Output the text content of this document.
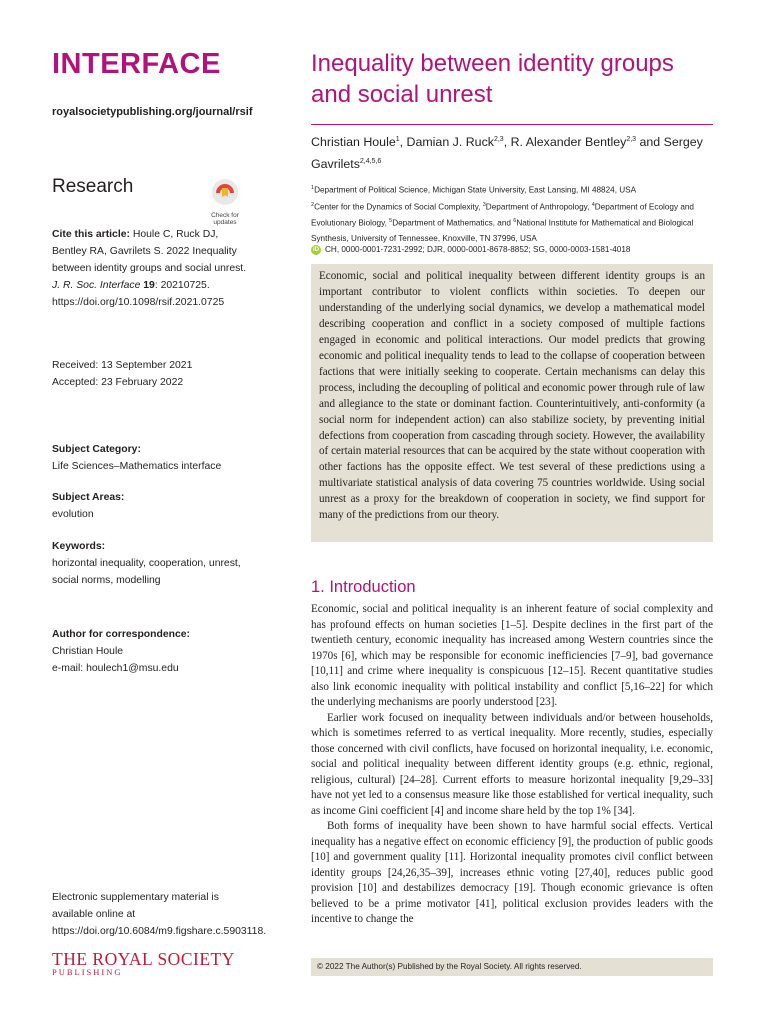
INTERFACE
royalsocietypublishing.org/journal/rsif
Research
Check for updates
Cite this article: Houle C, Ruck DJ, Bentley RA, Gavrilets S. 2022 Inequality between identity groups and social unrest. J. R. Soc. Interface 19: 20210725. https://doi.org/10.1098/rsif.2021.0725
Received: 13 September 2021
Accepted: 23 February 2022
Subject Category:
Life Sciences–Mathematics interface
Subject Areas:
evolution
Keywords:
horizontal inequality, cooperation, unrest, social norms, modelling
Author for correspondence:
Christian Houle
e-mail: houlech1@msu.edu
Electronic supplementary material is available online at https://doi.org/10.6084/m9.figshare.c.5903118.
THE ROYAL SOCIETY
PUBLISHING
Inequality between identity groups and social unrest
Christian Houle$^1$, Damian J. Ruck$^{2,3}$, R. Alexander Bentley$^{2,3}$ and Sergey Gavrilets$^{2,4,5,6}$
$^1$Department of Political Science, Michigan State University, East Lansing, MI 48824, USA
$^2$Center for the Dynamics of Social Complexity, $^3$Department of Anthropology, $^4$Department of Ecology and Evolutionary Biology, $^5$Department of Mathematics, and $^6$National Institute for Mathematical and Biological Synthesis, University of Tennessee, Knoxville, TN 37996, USA
iD CH, 0000-0001-7231-2992; DJR, 0000-0001-8678-8852; SG, 0000-0003-1581-4018
Economic, social and political inequality between different identity groups is an important contributor to violent conflicts within societies. To deepen our understanding of the underlying social dynamics, we develop a mathematical model describing cooperation and conflict in a society composed of multiple factions engaged in economic and political interactions. Our model predicts that growing economic and political inequality tends to lead to the collapse of cooperation between factions that were initially seeking to cooperate. Certain mechanisms can delay this process, including the decoupling of political and economic power through rule of law and allegiance to the state or dominant faction. Counterintuitively, anti-conformity (a social norm for independent action) can also stabilize society, by preventing initial defections from cooperation from cascading through society. However, the availability of certain material resources that can be acquired by the state without cooperation with other factions has the opposite effect. We test several of these predictions using a multivariate statistical analysis of data covering 75 countries worldwide. Using social unrest as a proxy for the breakdown of cooperation in society, we find support for many of the predictions from our theory.
1. Introduction

Economic, social and political inequality is an inherent feature of social complexity and has profound effects on human societies [1–5]. Despite declines in the first part of the twentieth century, economic inequality has increased among Western countries since the 1970s [6], which may be responsible for economic inefficiencies [7–9], bad governance [10,11] and crime where inequality is conspicuous [12–15]. Recent quantitative studies also link economic inequality with political instability and conflict [5,16–22] for which the underlying mechanisms are poorly understood [23].

Earlier work focused on inequality between individuals and/or between households, which is sometimes referred to as vertical inequality. More recently, studies, especially those concerned with civil conflicts, have focused on horizontal inequality, i.e. economic, social and political inequality between different identity groups (e.g. ethnic, regional, religious, cultural) [24–28]. Current efforts to measure horizontal inequality [9,29–33] have not yet led to a consensus measure like those established for vertical inequality, such as income Gini coefficient [4] and income share held by the top 1% [34].

Both forms of inequality have been shown to have harmful social effects. Vertical inequality has a negative effect on economic efficiency [9], the production of public goods [10] and government quality [11]. Horizontal inequality promotes civil conflict between identity groups [24,26,35–39], increases ethnic voting [27,40], reduces public good provision [10] and destabilizes democracy [19]. Though economic grievance is often believed to be a prime motivator [41], political exclusion provides leaders with the incentive to change the

© 2022 The Author(s) Published by the Royal Society. All rights reserved.
